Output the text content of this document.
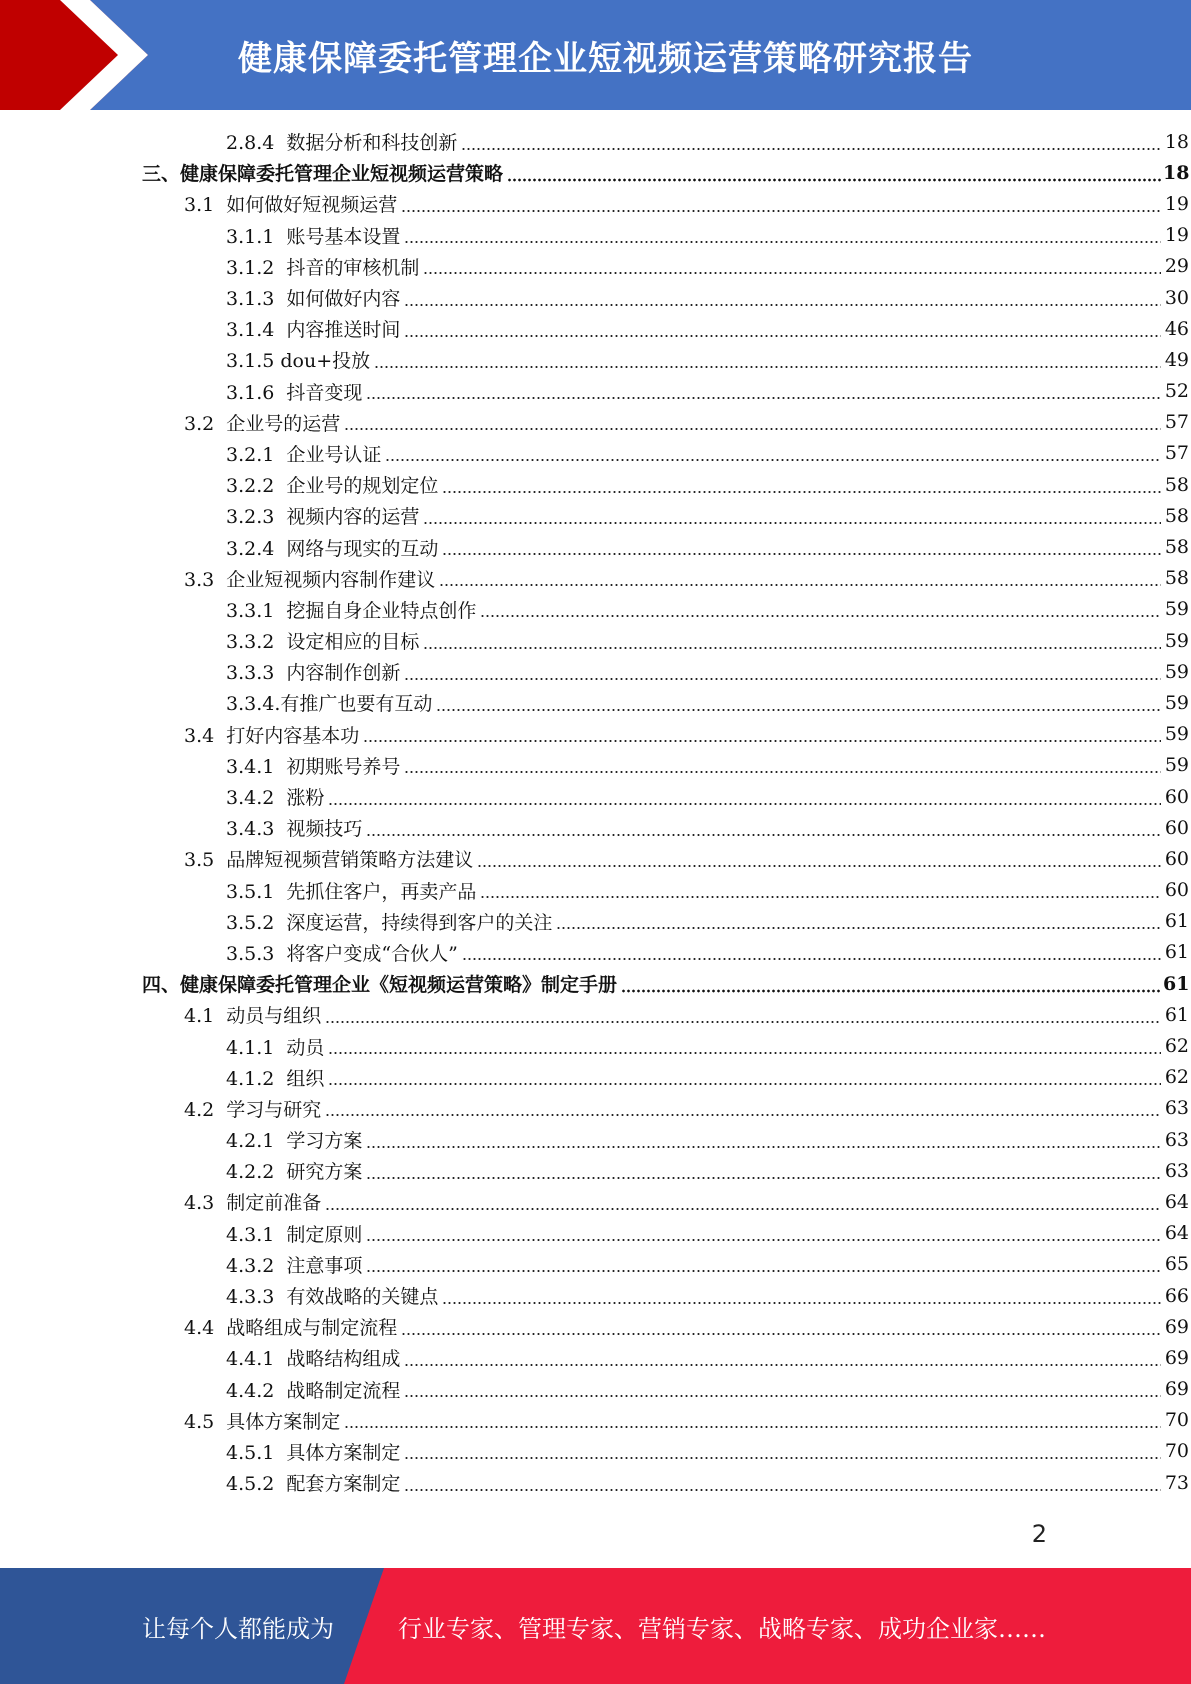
健康保障委托管理企业短视频运营策略研究报告
2.8.4  数据分析和科技创新	18
三、健康保障委托管理企业短视频运营策略	18
3.1  如何做好短视频运营	19
3.1.1  账号基本设置	19
3.1.2  抖音的审核机制	29
3.1.3  如何做好内容	30
3.1.4  内容推送时间	46
3.1.5 dou+投放	49
3.1.6  抖音变现	52
3.2  企业号的运营	57
3.2.1  企业号认证	57
3.2.2  企业号的规划定位	58
3.2.3  视频内容的运营	58
3.2.4  网络与现实的互动	58
3.3  企业短视频内容制作建议	58
3.3.1  挖掘自身企业特点创作	59
3.3.2  设定相应的目标	59
3.3.3  内容制作创新	59
3.3.4.有推广也要有互动	59
3.4  打好内容基本功	59
3.4.1  初期账号养号	59
3.4.2  涨粉	60
3.4.3  视频技巧	60
3.5  品牌短视频营销策略方法建议	60
3.5.1  先抓住客户，再卖产品	60
3.5.2  深度运营，持续得到客户的关注	61
3.5.3  将客户变成“合伙人”	61
四、健康保障委托管理企业《短视频运营策略》制定手册	61
4.1  动员与组织	61
4.1.1  动员	62
4.1.2  组织	62
4.2  学习与研究	63
4.2.1  学习方案	63
4.2.2  研究方案	63
4.3  制定前准备	64
4.3.1  制定原则	64
4.3.2  注意事项	65
4.3.3  有效战略的关键点	66
4.4  战略组成与制定流程	69
4.4.1  战略结构组成	69
4.4.2  战略制定流程	69
4.5  具体方案制定	70
4.5.1  具体方案制定	70
4.5.2  配套方案制定	73
2
让每个人都能成为	行业专家、管理专家、营销专家、战略专家、成功企业家……
